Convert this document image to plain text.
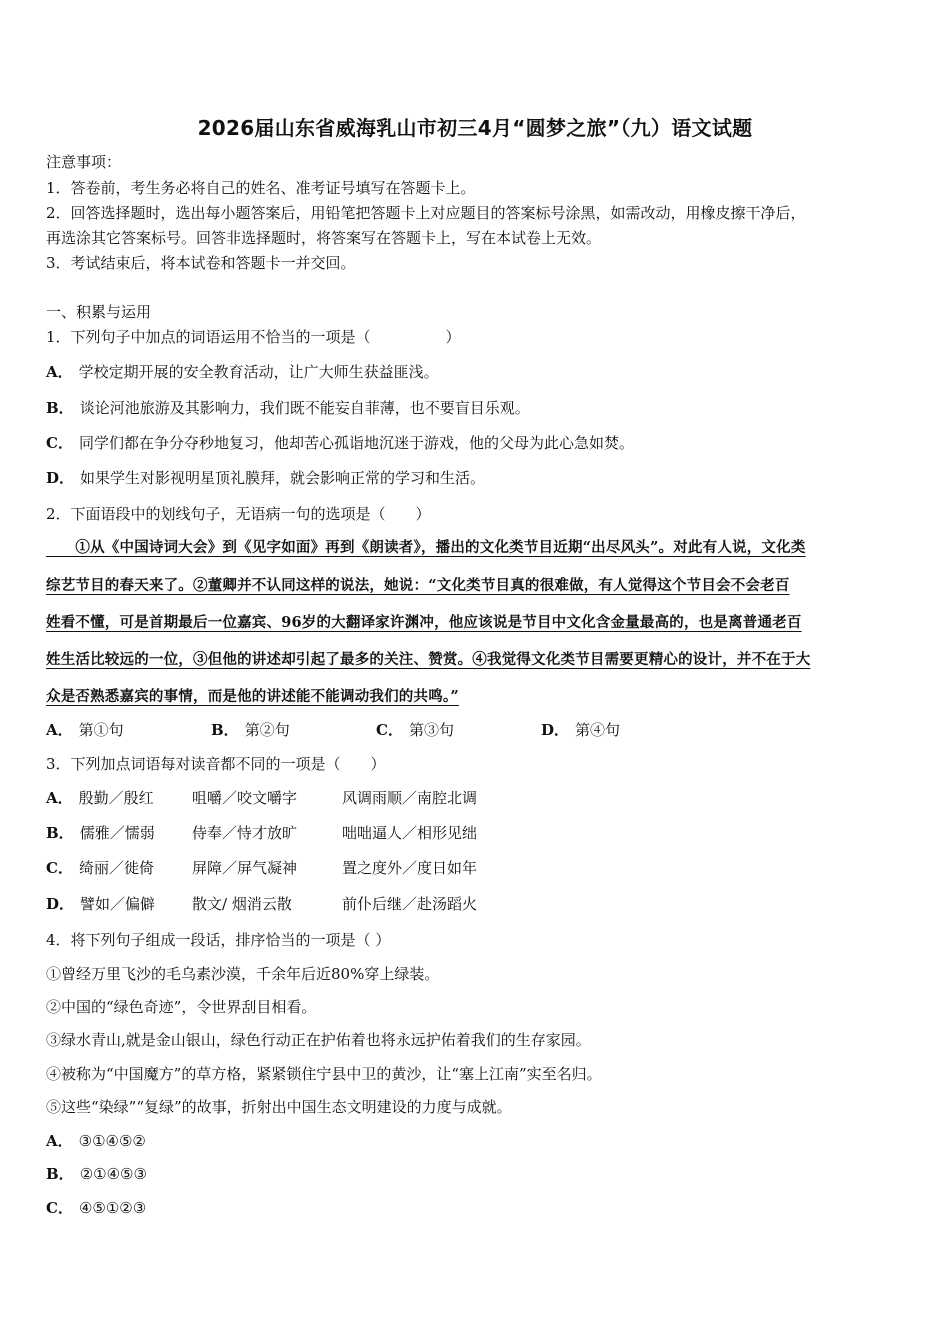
2026届山东省威海乳山市初三4月“圆梦之旅”（九）语文试题
注意事项：
1．答卷前，考生务必将自己的姓名、准考证号填写在答题卡上。
2．回答选择题时，选出每小题答案后，用铅笔把答题卡上对应题目的答案标号涂黑，如需改动，用橡皮擦干净后，
再选涂其它答案标号。回答非选择题时，将答案写在答题卡上，写在本试卷上无效。
3．考试结束后，将本试卷和答题卡一并交回。
一、积累与运用
1．下列句子中加点的词语运用不恰当的一项是（　　　　　）
A． 学校定期开展的安全教育活动，让广大师生获益匪浅。
B． 谈论河池旅游及其影响力，我们既不能妄自菲薄，也不要盲目乐观。
C． 同学们都在争分夺秒地复习，他却苦心孤诣地沉迷于游戏，他的父母为此心急如焚。
D． 如果学生对影视明星顶礼膜拜，就会影响正常的学习和生活。
2．下面语段中的划线句子，无语病一句的选项是（　　）
　　①从《中国诗词大会》到《见字如面》再到《朗读者》，播出的文化类节目近期“出尽风头”。对此有人说，文化类
综艺节目的春天来了。②董卿并不认同这样的说法，她说：“文化类节目真的很难做，有人觉得这个节目会不会老百
姓看不懂，可是首期最后一位嘉宾、96岁的大翻译家许渊冲，他应该说是节目中文化含金量最高的，也是离普通老百
姓生活比较远的一位，③但他的讲述却引起了最多的关注、赞赏。④我觉得文化类节目需要更精心的设计，并不在于大
众是否熟悉嘉宾的事情，而是他的讲述能不能调动我们的共鸣。”
A． 第①句	B． 第②句	C． 第③句	D． 第④句
3．下列加点词语每对读音都不同的一项是（　　）
A． 殷勤／殷红	咀嚼／咬文嚼字	风调雨顺／南腔北调
B． 儒雅／懦弱 侍奉／恃才放旷	咄咄逼人／相形见绌
C． 绮丽／徙倚	屏障／屏气凝神	置之度外／度日如年
D． 譬如／偏僻 散文/ 烟消云散	前仆后继／赴汤蹈火
4．将下列句子组成一段话，排序恰当的一项是（ ）
①曾经万里飞沙的毛乌素沙漠，千余年后近80%穿上绿装。
②中国的“绿色奇迹”，令世界刮目相看。
③绿水青山,就是金山银山，绿色行动正在护佑着也将永远护佑着我们的生存家园。
④被称为“中国魔方”的草方格，紧紧锁住宁县中卫的黄沙，让“塞上江南”实至名归。
⑤这些“染绿”“复绿”的故事，折射出中国生态文明建设的力度与成就。
A． ③①④⑤②
B． ②①④⑤③
C． ④⑤①②③
